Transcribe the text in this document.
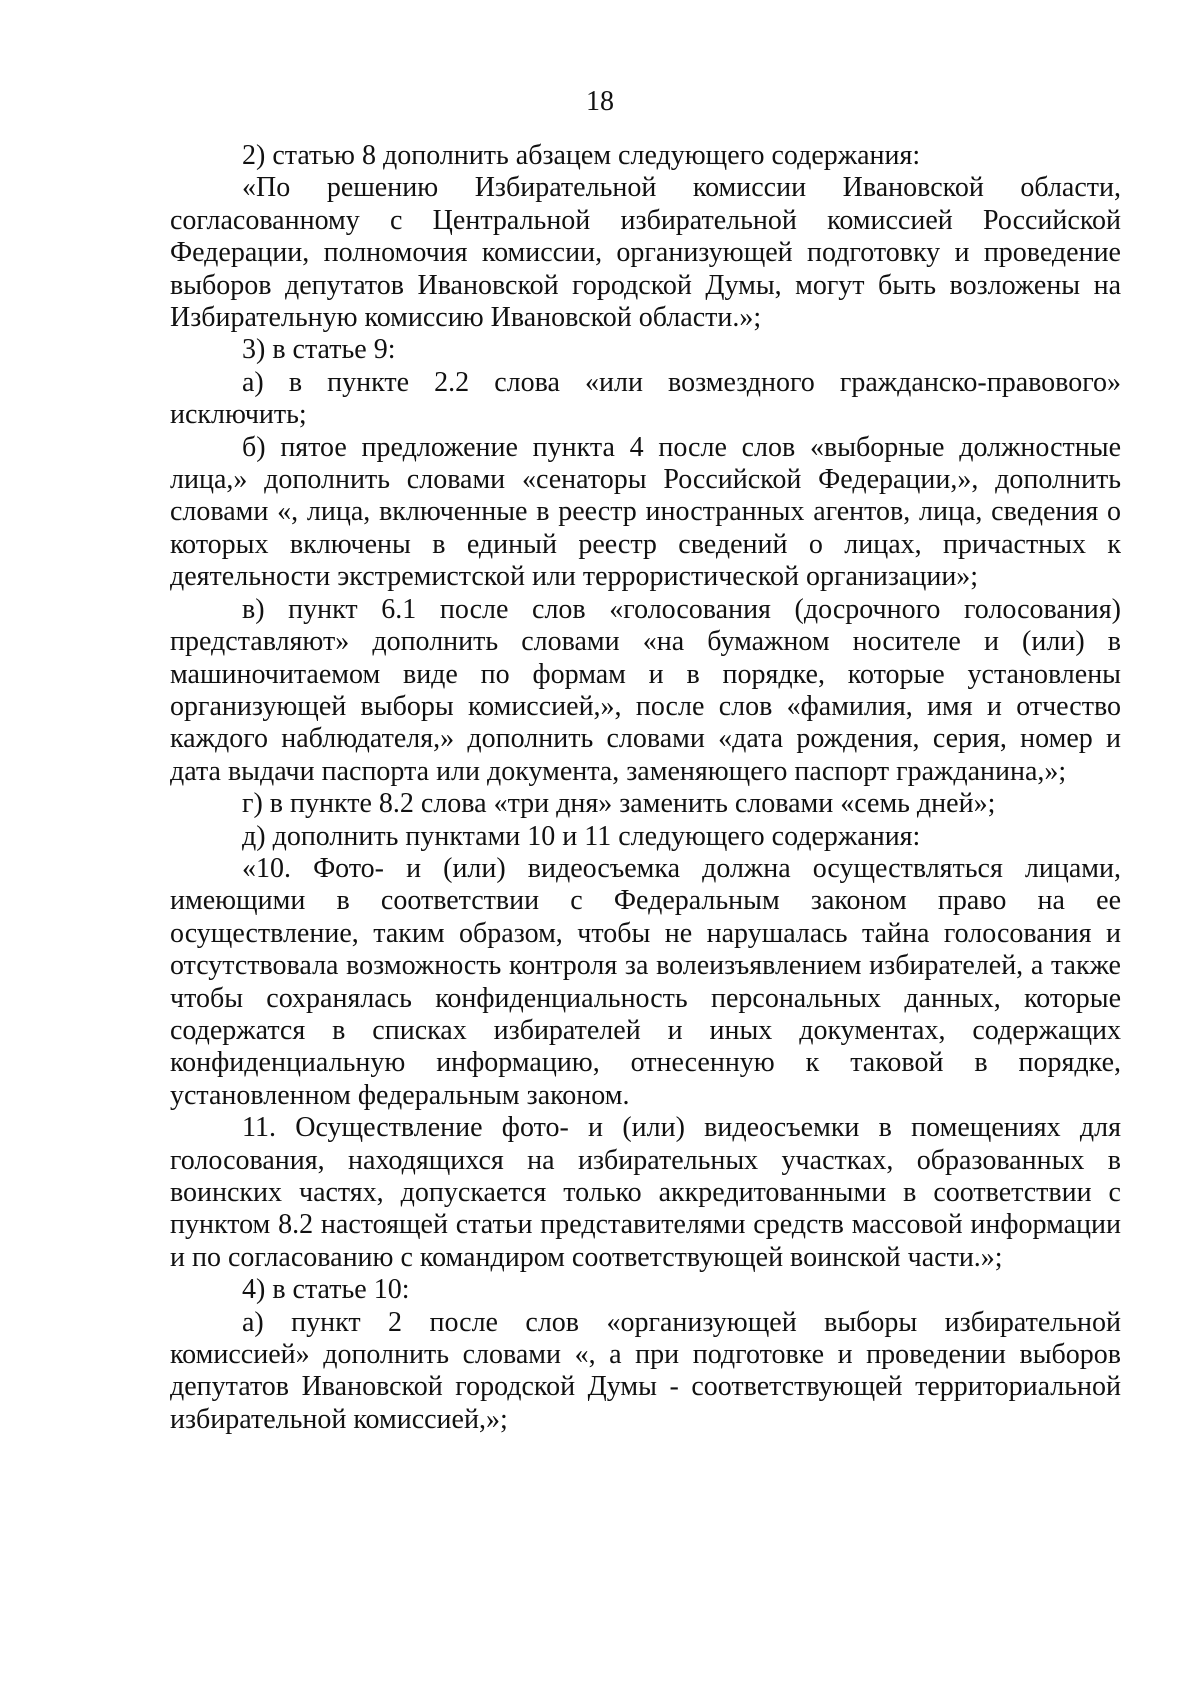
18

2) статью 8 дополнить абзацем следующего содержания:

«По решению Избирательной комиссии Ивановской области, согласованному с Центральной избирательной комиссией Российской Федерации, полномочия комиссии, организующей подготовку и проведение выборов депутатов Ивановской городской Думы, могут быть возложены на Избирательную комиссию Ивановской области.»;

3) в статье 9:

а) в пункте 2.2 слова «или возмездного гражданско-правового» исключить;

б) пятое предложение пункта 4 после слов «выборные должностные лица,» дополнить словами «сенаторы Российской Федерации,», дополнить словами «, лица, включенные в реестр иностранных агентов, лица, сведения о которых включены в единый реестр сведений о лицах, причастных к деятельности экстремистской или террористической организации»;

в) пункт 6.1 после слов «голосования (досрочного голосования) представляют» дополнить словами «на бумажном носителе и (или) в машиночитаемом виде по формам и в порядке, которые установлены организующей выборы комиссией,», после слов «фамилия, имя и отчество каждого наблюдателя,» дополнить словами «дата рождения, серия, номер и дата выдачи паспорта или документа, заменяющего паспорт гражданина,»;

г) в пункте 8.2 слова «три дня» заменить словами «семь дней»;

д) дополнить пунктами 10 и 11 следующего содержания:

«10. Фото- и (или) видеосъемка должна осуществляться лицами, имеющими в соответствии с Федеральным законом право на ее осуществление, таким образом, чтобы не нарушалась тайна голосования и отсутствовала возможность контроля за волеизъявлением избирателей, а также чтобы сохранялась конфиденциальность персональных данных, которые содержатся в списках избирателей и иных документах, содержащих конфиденциальную информацию, отнесенную к таковой в порядке, установленном федеральным законом.

11. Осуществление фото- и (или) видеосъемки в помещениях для голосования, находящихся на избирательных участках, образованных в воинских частях, допускается только аккредитованными в соответствии с пунктом 8.2 настоящей статьи представителями средств массовой информации и по согласованию с командиром соответствующей воинской части.»;

4) в статье 10:

а) пункт 2 после слов «организующей выборы избирательной комиссией» дополнить словами «, а при подготовке и проведении выборов депутатов Ивановской городской Думы - соответствующей территориальной избирательной комиссией,»;
